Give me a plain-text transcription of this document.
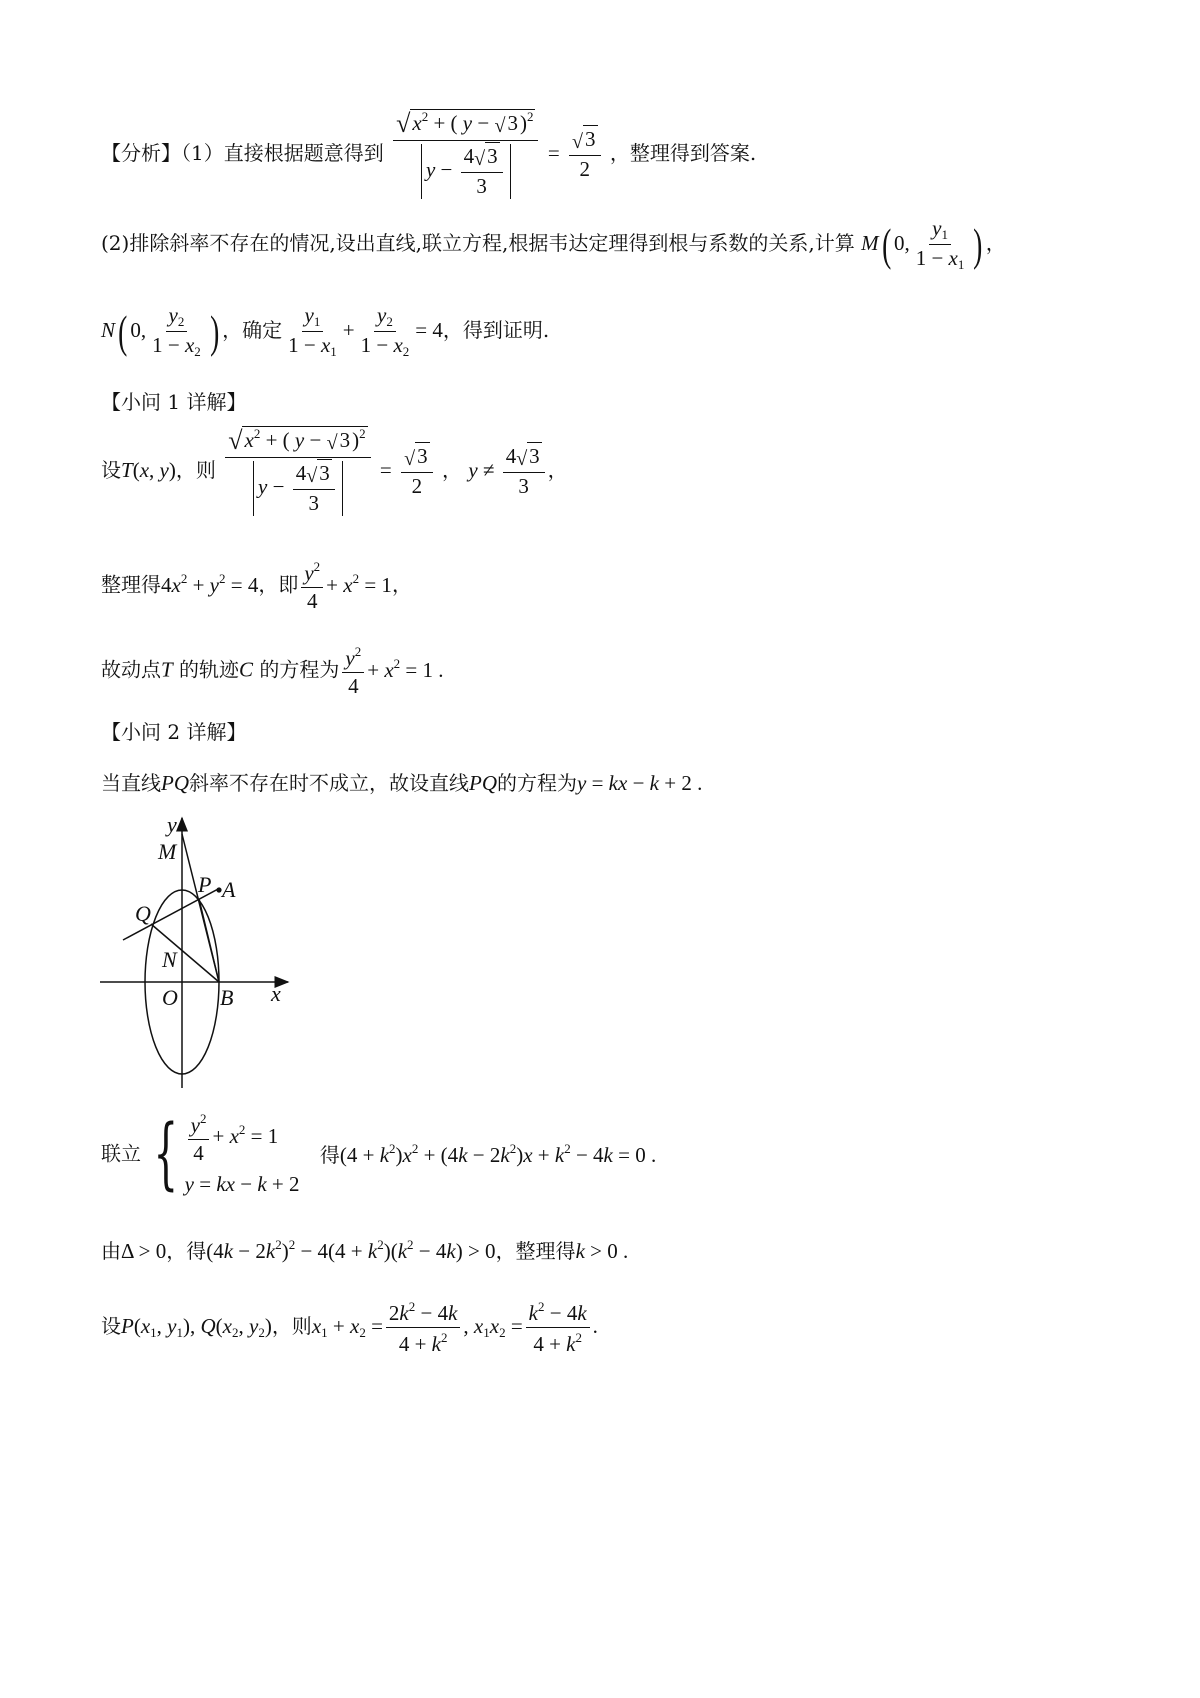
【分析】（1）直接根据题意得到 $\frac{√x^2 + ( y - √3)^2}{y - \frac{4√3}{3}} = \frac{√3}{2}$ ，整理得到答案.
(2)排除斜率不存在的情况,设出直线,联立方程,根据韦达定理得到根与系数的关系,计算 M( 0, $\frac{y_1}{1 - x_1}$ ) ，
N( 0, $\frac{y_2}{1 - x_2}$ ) ，确定 $\frac{y_1}{1 - x_1} + \frac{y_2}{1 - x_2} = 4$，得到证明.
【小问 1 详解】
设T(x, y)，则 $\frac{√x^2 + ( y - √3)^2}{y - \frac{4√3}{3}} = \frac{√3}{2}$ ， $y \ne \frac{4√3}{3}$ ，
整理得$4x^2 + y^2 = 4$，即 $\frac{y^2}{4} + x^2 = 1$，
故动点T 的轨迹C 的方程为 $\frac{y^2}{4} + x^2 = 1$ .
【小问 2 详解】
当直线PQ斜率不存在时不成立，故设直线PQ的方程为y = kx − k + 2 .
y
M
P A
Q
N
O B x
联立 { $\frac{y^2}{4} + x^2 = 1$
y = kx − k + 2
得$(4 + k^2)x^2 + (4k - 2k^2)x + k^2 - 4k = 0$ .
由Δ > 0，得$(4k - 2k^2)^2 - 4(4 + k^2)(k^2 - 4k) > 0$，整理得k > 0 .
设$P(x_1$, $y_1$), $Q(x_2$, $y_2$)，则$x_1 + x_2 = \frac{2k^2 - 4k}{4 + k^2}$ , $x_1x_2 = \frac{k^2 - 4k}{4 + k^2}$ .
